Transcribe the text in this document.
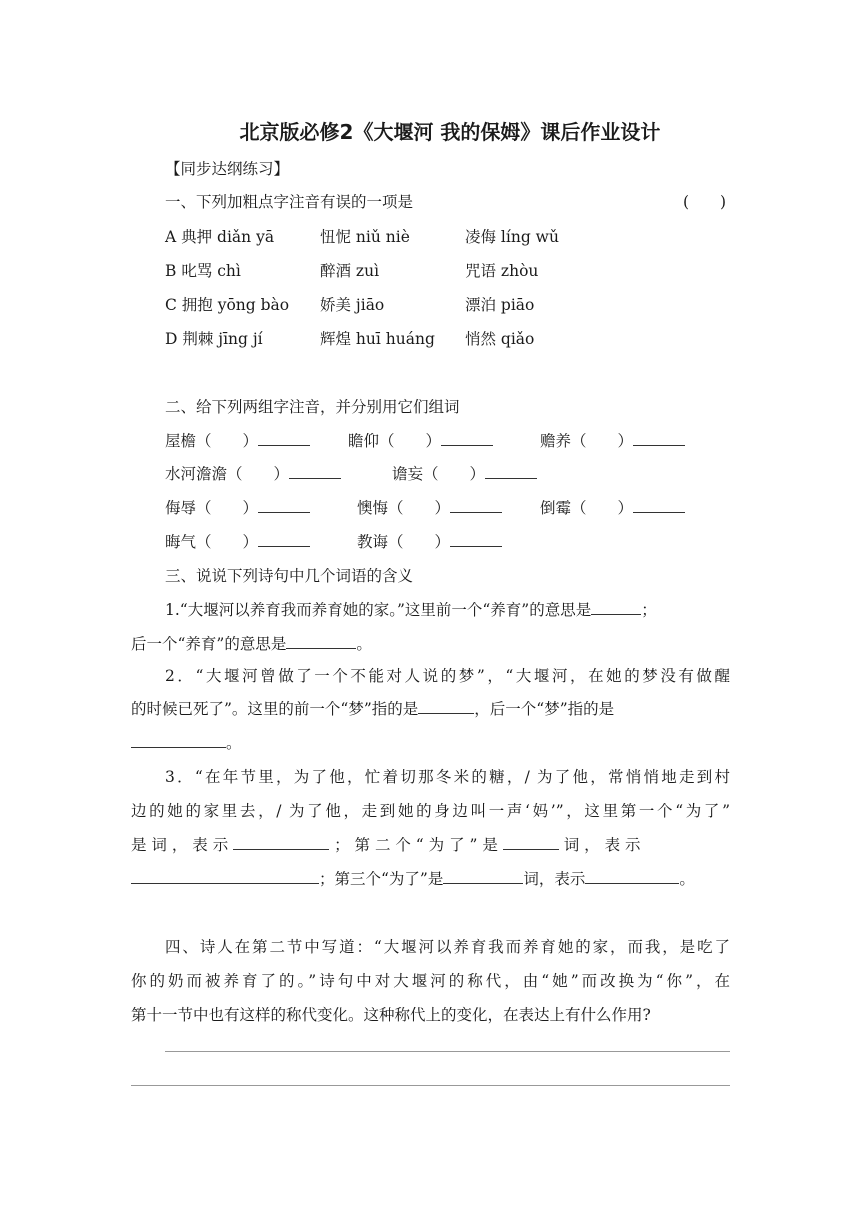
北京版必修2《大堰河 我的保姆》课后作业设计
【同步达纲练习】
一、下列加粗点字注音有误的一项是	(　　)
A 典押 diǎn yā	忸怩 niǔ niè	凌侮 líng wǔ
B 叱骂 chì	醉酒 zuì	咒语 zhòu
C 拥抱 yōng bào 娇美 jiāo	漂泊 piāo
D 荆棘 jīng jí	辉煌 huī huáng 悄然 qiǎo
二、给下列两组字注音，并分别用它们组词
屋檐（　　）	瞻仰（　　）	赡养（　　）
水河澹澹（　　）	谵妄（　　）
侮辱（　　）	懊悔（　　）	倒霉（　　）
晦气（　　）	教诲（　　）
三、说说下列诗句中几个词语的含义
1.“大堰河以养育我而养育她的家。”这里前一个“养育”的意思是	；
后一个“养育”的意思是	。
2．“大堰河曾做了一个不能对人说的梦”，“大堰河，在她的梦没有做醒
的时候已死了”。这里的前一个“梦”指的是	，后一个“梦”指的是
。
3．“在年节里，为了他，忙着切那冬米的糖，/ 为了他，常悄悄地走到村
边的她的家里去，/ 为了他，走到她的身边叫一声‘妈’”，这里第一个“为了”
是 词 ， 表 示	； 第 二 个 “ 为 了 ” 是	词 ， 表 示
；第三个“为了”是	词，表示	。
四、诗人在第二节中写道：“大堰河以养育我而养育她的家，而我，是吃了
你的奶而被养育了的。”诗句中对大堰河的称代，由“她”而改换为“你”，在
第十一节中也有这样的称代变化。这种称代上的变化，在表达上有什么作用?
